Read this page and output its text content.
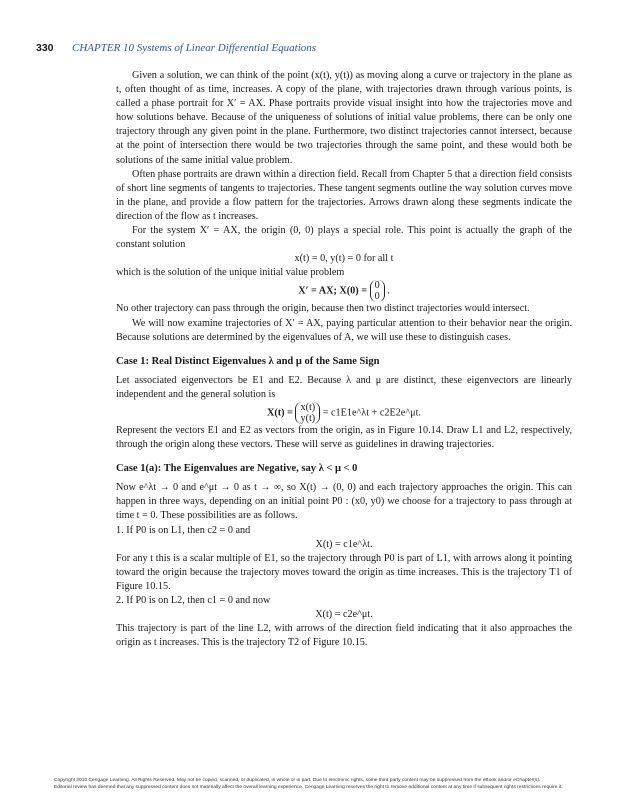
330 CHAPTER 10 Systems of Linear Differential Equations

Given a solution, we can think of the point (x(t), y(t)) as moving along a curve or trajectory in the plane as t, often thought of as time, increases. A copy of the plane, with trajectories drawn through various points, is called a phase portrait for X′ = AX. Phase portraits provide visual insight into how the trajectories move and how solutions behave. Because of the uniqueness of solutions of initial value problems, there can be only one trajectory through any given point in the plane. Furthermore, two distinct trajectories cannot intersect, because at the point of intersection there would be two trajectories through the same point, and these would both be solutions of the same initial value problem.

Often phase portraits are drawn within a direction field. Recall from Chapter 5 that a direction field consists of short line segments of tangents to trajectories. These tangent segments outline the way solution curves move in the plane, and provide a flow pattern for the trajectories. Arrows drawn along these segments indicate the direction of the flow as t increases.

For the system X′ = AX, the origin (0, 0) plays a special role. This point is actually the graph of the constant solution

x(t) = 0, y(t) = 0 for all t

which is the solution of the unique initial value problem

X′ = AX; X(0) = 0
0 .

No other trajectory can pass through the origin, because then two distinct trajectories would intersect.

We will now examine trajectories of X′ = AX, paying particular attention to their behavior near the origin. Because solutions are determined by the eigenvalues of A, we will use these to distinguish cases.

Case 1: Real Distinct Eigenvalues λ and μ of the Same Sign

Let associated eigenvectors be E1 and E2. Because λ and μ are distinct, these eigenvectors are linearly independent and the general solution is

X(t) = x(t)
y(t) = c1E1e^λt + c2E2e^μt.

Represent the vectors E1 and E2 as vectors from the origin, as in Figure 10.14. Draw L1 and L2, respectively, through the origin along these vectors. These will serve as guidelines in drawing trajectories.

Case 1(a): The Eigenvalues are Negative, say λ < μ < 0

Now e^λt → 0 and e^μt → 0 as t → ∞, so X(t) → (0, 0) and each trajectory approaches the origin. This can happen in three ways, depending on an initial point P0 : (x0, y0) we choose for a trajectory to pass through at time t = 0. These possibilities are as follows.

1. If P0 is on L1, then c2 = 0 and

X(t) = c1e^λt.

For any t this is a scalar multiple of E1, so the trajectory through P0 is part of L1, with arrows along it pointing toward the origin because the trajectory moves toward the origin as time increases. This is the trajectory T1 of Figure 10.15.

2. If P0 is on L2, then c1 = 0 and now

X(t) = c2e^μt.

This trajectory is part of the line L2, with arrows of the direction field indicating that it also approaches the origin as t increases. This is the trajectory T2 of Figure 10.15.

Copyright 2010 Cengage Learning. All Rights Reserved. May not be copied, scanned, or duplicated, in whole or in part. Due to electronic rights, some third party content may be suppressed from the eBook and/or eChapter(s).
Editorial review has deemed that any suppressed content does not materially affect the overall learning experience. Cengage Learning reserves the right to remove additional content at any time if subsequent rights restrictions require it.
